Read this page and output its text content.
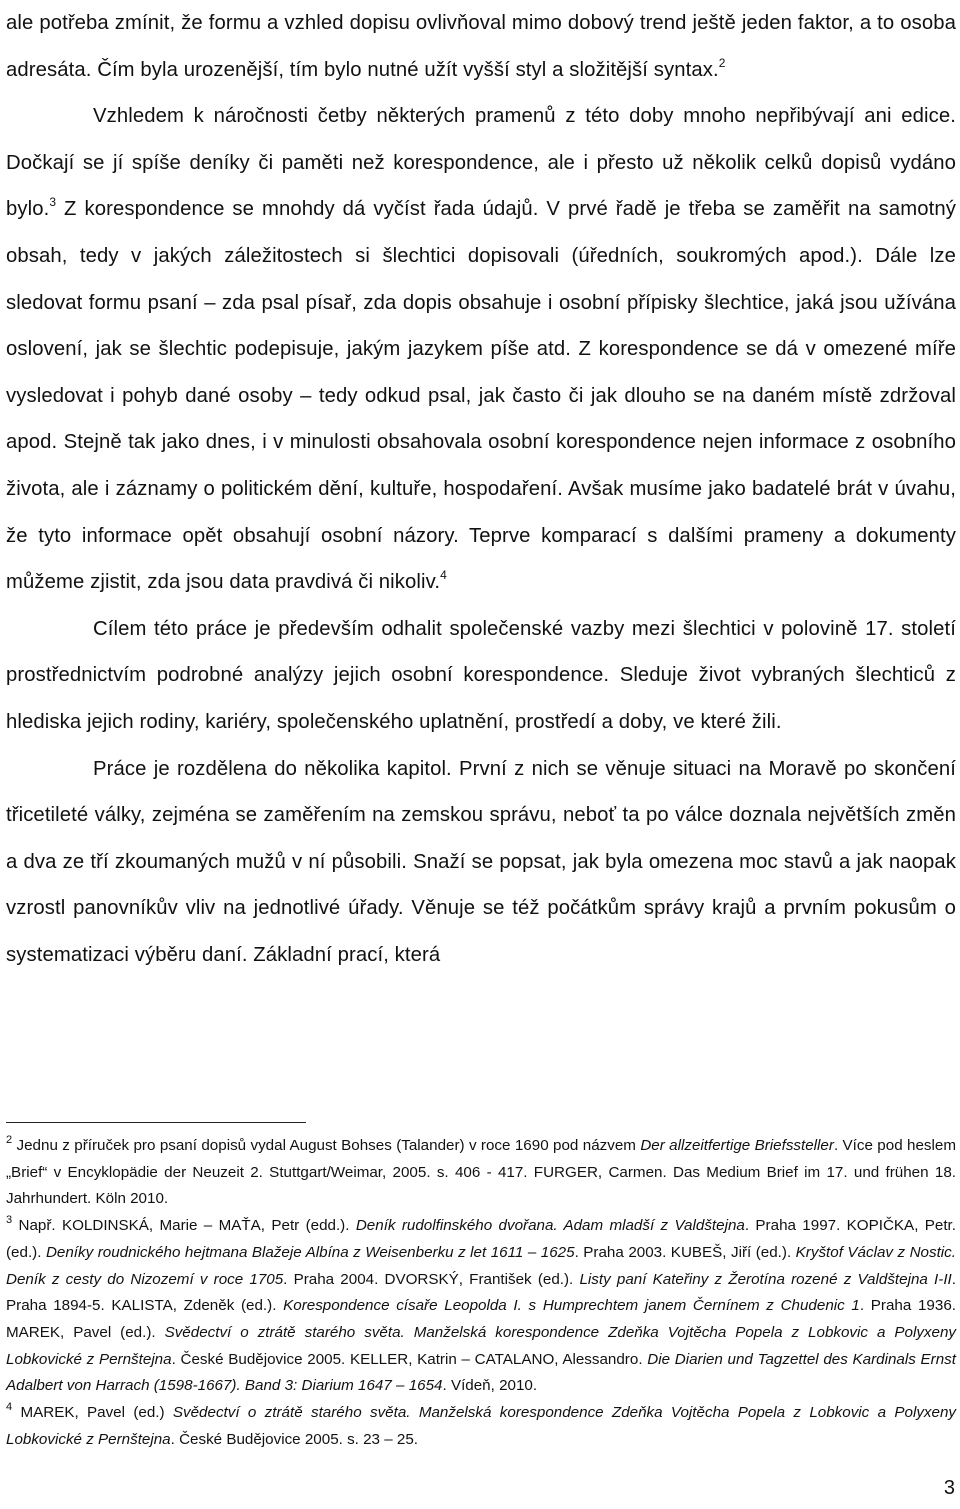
ale potřeba zmínit, že formu a vzhled dopisu ovlivňoval mimo dobový trend ještě jeden faktor, a to osoba adresáta. Čím byla urozenější, tím bylo nutné užít vyšší styl a složitější syntax.$^2$

Vzhledem k náročnosti četby některých pramenů z této doby mnoho nepřibývají ani edice. Dočkají se jí spíše deníky či paměti než korespondence, ale i přesto už několik celků dopisů vydáno bylo.$^3$ Z korespondence se mnohdy dá vyčíst řada údajů. V prvé řadě je třeba se zaměřit na samotný obsah, tedy v jakých záležitostech si šlechtici dopisovali (úředních, soukromých apod.). Dále lze sledovat formu psaní – zda psal písař, zda dopis obsahuje i osobní přípisky šlechtice, jaká jsou užívána oslovení, jak se šlechtic podepisuje, jakým jazykem píše atd. Z korespondence se dá v omezené míře vysledovat i pohyb dané osoby – tedy odkud psal, jak často či jak dlouho se na daném místě zdržoval apod. Stejně tak jako dnes, i v minulosti obsahovala osobní korespondence nejen informace z osobního života, ale i záznamy o politickém dění, kultuře, hospodaření. Avšak musíme jako badatelé brát v úvahu, že tyto informace opět obsahují osobní názory. Teprve komparací s dalšími prameny a dokumenty můžeme zjistit, zda jsou data pravdivá či nikoliv.$^4$

Cílem této práce je především odhalit společenské vazby mezi šlechtici v polovině 17. století prostřednictvím podrobné analýzy jejich osobní korespondence. Sleduje život vybraných šlechticů z hlediska jejich rodiny, kariéry, společenského uplatnění, prostředí a doby, ve které žili.

Práce je rozdělena do několika kapitol. První z nich se věnuje situaci na Moravě po skončení třicetileté války, zejména se zaměřením na zemskou správu, neboť ta po válce doznala největších změn a dva ze tří zkoumaných mužů v ní působili. Snaží se popsat, jak byla omezena moc stavů a jak naopak vzrostl panovníkův vliv na jednotlivé úřady. Věnuje se též počátkům správy krajů a prvním pokusům o systematizaci výběru daní. Základní prací, která

$^2$ Jednu z příruček pro psaní dopisů vydal August Bohses (Talander) v roce 1690 pod názvem Der allzeitfertige Briefssteller. Více pod heslem „Brief“ v Encyklopädie der Neuzeit 2. Stuttgart/Weimar, 2005. s. 406 - 417. FURGER, Carmen. Das Medium Brief im 17. und frühen 18. Jahrhundert. Köln 2010.

$^3$ Např. KOLDINSKÁ, Marie – MAŤA, Petr (edd.). Deník rudolfinského dvořana. Adam mladší z Valdštejna. Praha 1997. KOPIČKA, Petr. (ed.). Deníky roudnického hejtmana Blažeje Albína z Weisenberku z let 1611 – 1625. Praha 2003. KUBEŠ, Jiří (ed.). Kryštof Václav z Nostic. Deník z cesty do Nizozemí v roce 1705. Praha 2004. DVORSKÝ, František (ed.). Listy paní Kateřiny z Žerotína rozené z Valdštejna I-II. Praha 1894-5. KALISTA, Zdeněk (ed.). Korespondence císaře Leopolda I. s Humprechtem janem Černínem z Chudenic 1. Praha 1936. MAREK, Pavel (ed.). Svědectví o ztrátě starého světa. Manželská korespondence Zdeňka Vojtěcha Popela z Lobkovic a Polyxeny Lobkovické z Pernštejna. České Budějovice 2005. KELLER, Katrin – CATALANO, Alessandro. Die Diarien und Tagzettel des Kardinals Ernst Adalbert von Harrach (1598-1667). Band 3: Diarium 1647 – 1654. Vídeň, 2010.

$^4$ MAREK, Pavel (ed.) Svědectví o ztrátě starého světa. Manželská korespondence Zdeňka Vojtěcha Popela z Lobkovic a Polyxeny Lobkovické z Pernštejna. České Budějovice 2005. s. 23 – 25.

3
